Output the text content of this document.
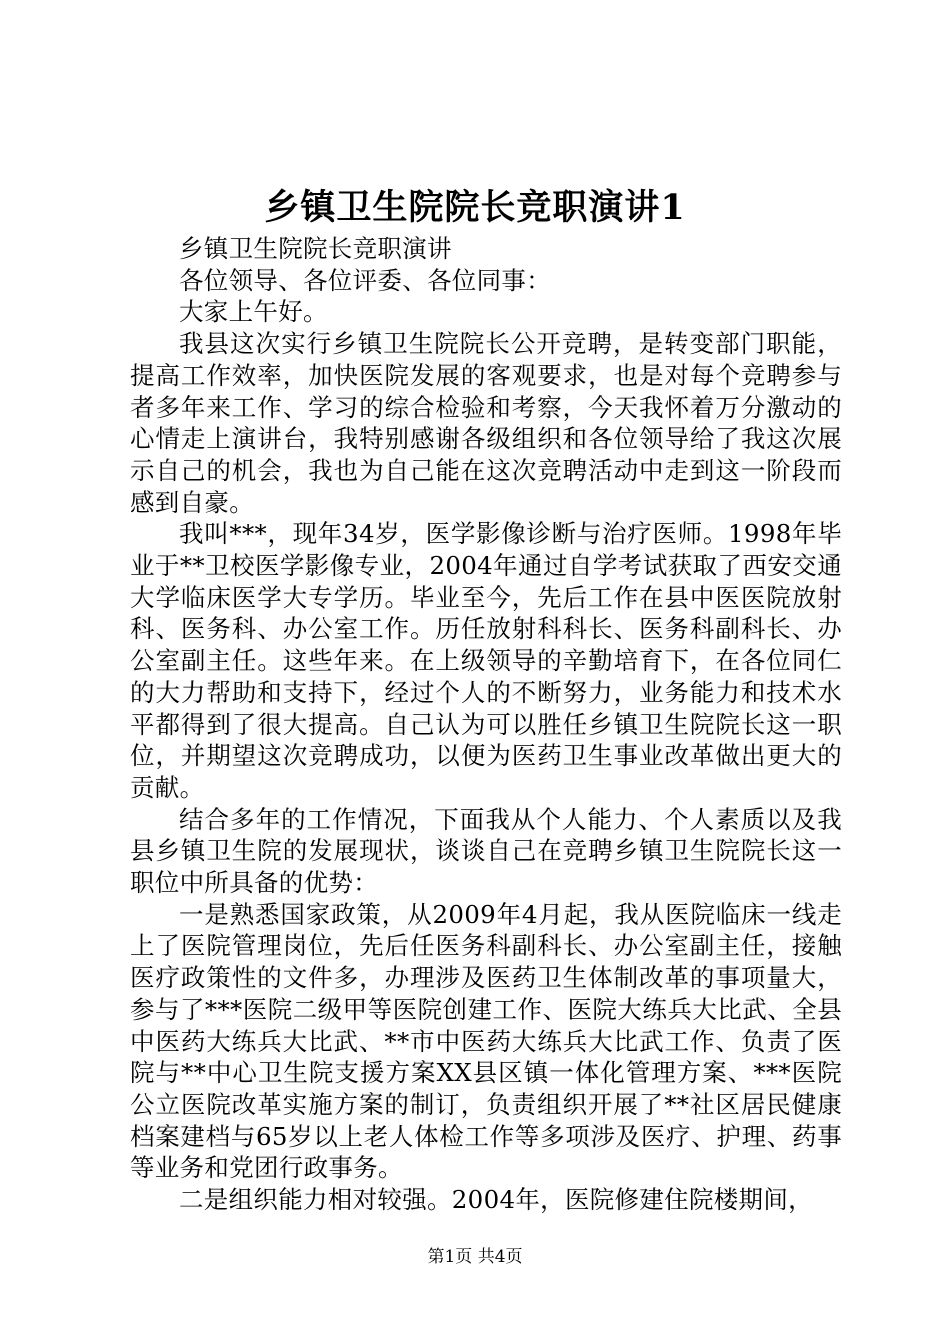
乡镇卫生院院长竞职演讲1

乡镇卫生院院长竞职演讲

各位领导、各位评委、各位同事：

大家上午好。

我县这次实行乡镇卫生院院长公开竞聘，是转变部门职能，提高工作效率，加快医院发展的客观要求，也是对每个竞聘参与者多年来工作、学习的综合检验和考察，今天我怀着万分激动的心情走上演讲台，我特别感谢各级组织和各位领导给了我这次展示自己的机会，我也为自己能在这次竞聘活动中走到这一阶段而感到自豪。

我叫***，现年34岁，医学影像诊断与治疗医师。1998年毕业于**卫校医学影像专业，2004年通过自学考试获取了西安交通大学临床医学大专学历。毕业至今，先后工作在县中医医院放射科、医务科、办公室工作。历任放射科科长、医务科副科长、办公室副主任。这些年来。在上级领导的辛勤培育下，在各位同仁的大力帮助和支持下，经过个人的不断努力，业务能力和技术水平都得到了很大提高。自己认为可以胜任乡镇卫生院院长这一职位，并期望这次竞聘成功，以便为医药卫生事业改革做出更大的贡献。

结合多年的工作情况，下面我从个人能力、个人素质以及我县乡镇卫生院的发展现状，谈谈自己在竞聘乡镇卫生院院长这一职位中所具备的优势：

一是熟悉国家政策，从2009年4月起，我从医院临床一线走上了医院管理岗位，先后任医务科副科长、办公室副主任，接触医疗政策性的文件多，办理涉及医药卫生体制改革的事项量大，参与了***医院二级甲等医院创建工作、医院大练兵大比武、全县中医药大练兵大比武、**市中医药大练兵大比武工作、负责了医院与**中心卫生院支援方案XX县区镇一体化管理方案、***医院公立医院改革实施方案的制订，负责组织开展了**社区居民健康档案建档与65岁以上老人体检工作等多项涉及医疗、护理、药事等业务和党团行政事务。

二是组织能力相对较强。2004年，医院修建住院楼期间，

第1页 共4页
